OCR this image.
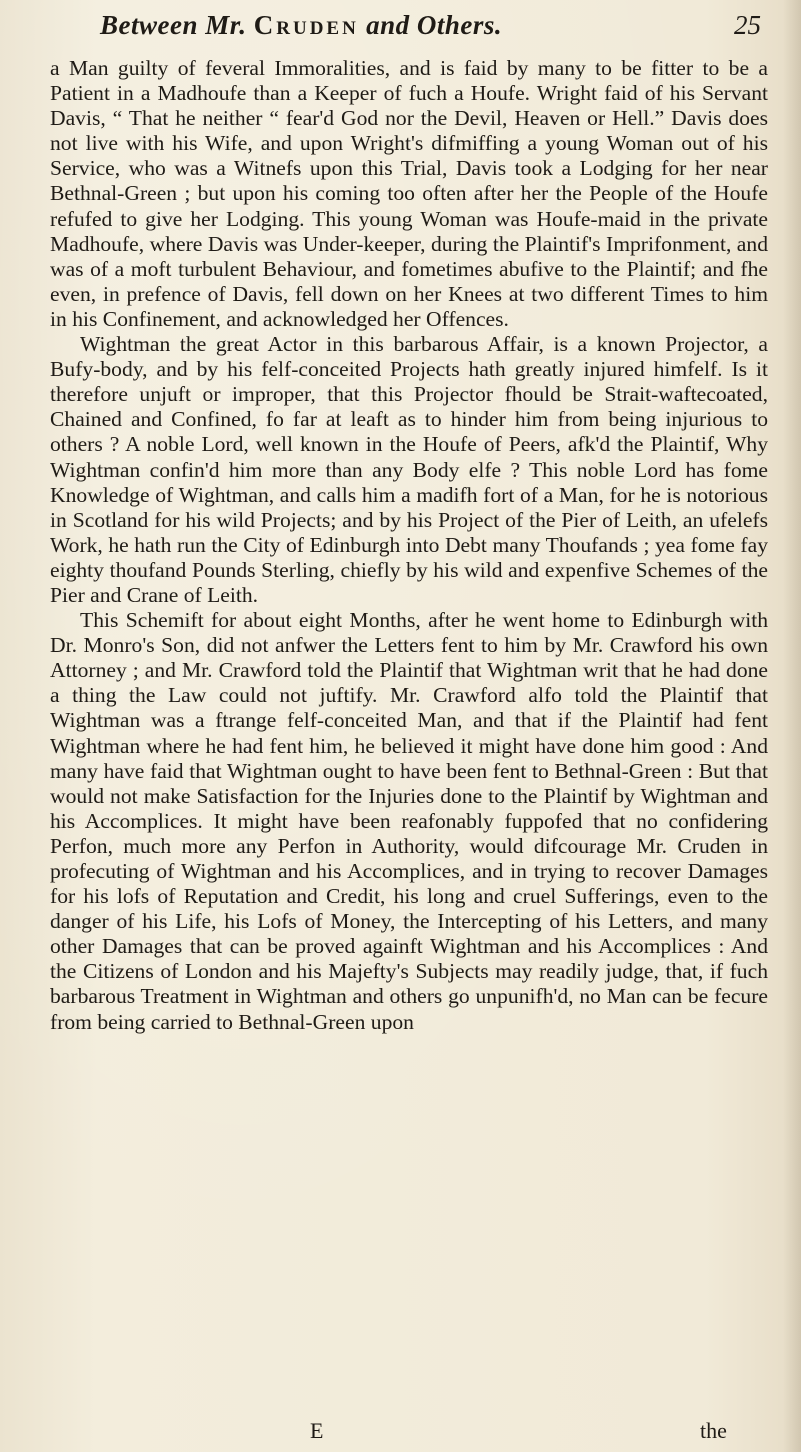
Between Mr. Cruden and Others.	25

a Man guilty of feveral Immoralities, and is faid by many to be fitter to be a Patient in a Madhoufe than a Keeper of fuch a Houfe. Wright faid of his Servant Davis, “ That he neither “ fear'd God nor the Devil, Heaven or Hell.” Davis does not live with his Wife, and upon Wright's difmiffing a young Woman out of his Service, who was a Witnefs upon this Trial, Davis took a Lodging for her near Bethnal-Green ; but upon his coming too often after her the People of the Houfe refufed to give her Lodging. This young Woman was Houfe-maid in the private Madhoufe, where Davis was Under-keeper, during the Plaintif's Imprifonment, and was of a moft turbulent Behaviour, and fometimes abufive to the Plaintif; and fhe even, in prefence of Davis, fell down on her Knees at two different Times to him in his Confinement, and acknowledged her Offences.

Wightman the great Actor in this barbarous Affair, is a known Projector, a Bufy-body, and by his felf-conceited Projects hath greatly injured himfelf. Is it therefore unjuft or improper, that this Projector fhould be Strait-waftecoated, Chained and Confined, fo far at leaft as to hinder him from being injurious to others ? A noble Lord, well known in the Houfe of Peers, afk'd the Plaintif, Why Wightman confin'd him more than any Body elfe ? This noble Lord has fome Knowledge of Wightman, and calls him a madifh fort of a Man, for he is notorious in Scotland for his wild Projects; and by his Project of the Pier of Leith, an ufelefs Work, he hath run the City of Edinburgh into Debt many Thoufands ; yea fome fay eighty thoufand Pounds Sterling, chiefly by his wild and expenfive Schemes of the Pier and Crane of Leith.

This Schemift for about eight Months, after he went home to Edinburgh with Dr. Monro's Son, did not anfwer the Letters fent to him by Mr. Crawford his own Attorney ; and Mr. Crawford told the Plaintif that Wightman writ that he had done a thing the Law could not juftify. Mr. Crawford alfo told the Plaintif that Wightman was a ftrange felf-conceited Man, and that if the Plaintif had fent Wightman where he had fent him, he believed it might have done him good : And many have faid that Wightman ought to have been fent to Bethnal-Green : But that would not make Satisfaction for the Injuries done to the Plaintif by Wightman and his Accomplices. It might have been reafonably fuppofed that no confidering Perfon, much more any Perfon in Authority, would difcourage Mr. Cruden in profecuting of Wightman and his Accomplices, and in trying to recover Damages for his lofs of Reputation and Credit, his long and cruel Sufferings, even to the danger of his Life, his Lofs of Money, the Intercepting of his Letters, and many other Damages that can be proved againft Wightman and his Accomplices : And the Citizens of London and his Majefty's Subjects may readily judge, that, if fuch barbarous Treatment in Wightman and others go unpunifh'd, no Man can be fecure from being carried to Bethnal-Green upon

E	the
